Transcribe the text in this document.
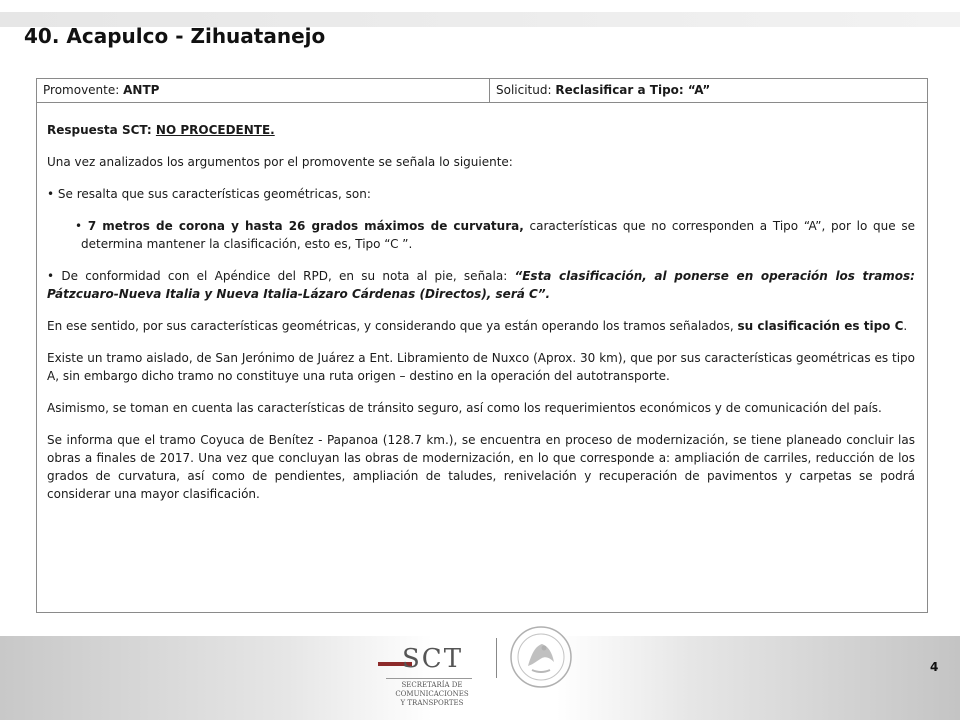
40. Acapulco - Zihuatanejo
Promovente: ANTP	Solicitud: Reclasificar a Tipo: “A”

Respuesta SCT: NO PROCEDENTE.

Una vez analizados los argumentos por el promovente se señala lo siguiente:

• Se resalta que sus características geométricas, son:

• 7 metros de corona y hasta 26 grados máximos de curvatura, características que no corresponden a Tipo “A”, por lo que se determina mantener la clasificación, esto es, Tipo “C ”.

• De conformidad con el Apéndice del RPD, en su nota al pie, señala: “Esta clasificación, al ponerse en operación los tramos: Pátzcuaro-Nueva Italia y Nueva Italia-Lázaro Cárdenas (Directos), será C”.

En ese sentido, por sus características geométricas, y considerando que ya están operando los tramos señalados, su clasificación es tipo C.

Existe un tramo aislado, de San Jerónimo de Juárez a Ent. Libramiento de Nuxco (Aprox. 30 km), que por sus características geométricas es tipo A, sin embargo dicho tramo no constituye una ruta origen – destino en la operación del autotransporte.

Asimismo, se toman en cuenta las características de tránsito seguro, así como los requerimientos económicos y de comunicación del país.

Se informa que el tramo Coyuca de Benítez - Papanoa (128.7 km.), se encuentra en proceso de modernización, se tiene planeado concluir las obras a finales de 2017. Una vez que concluyan las obras de modernización, en lo que corresponde a: ampliación de carriles, reducción de los grados de curvatura, así como de pendientes, ampliación de taludes, renivelación y recuperación de pavimentos y carpetas se podrá considerar una mayor clasificación.

SCT
SECRETARÍA DE
COMUNICACIONES
Y TRANSPORTES
4
